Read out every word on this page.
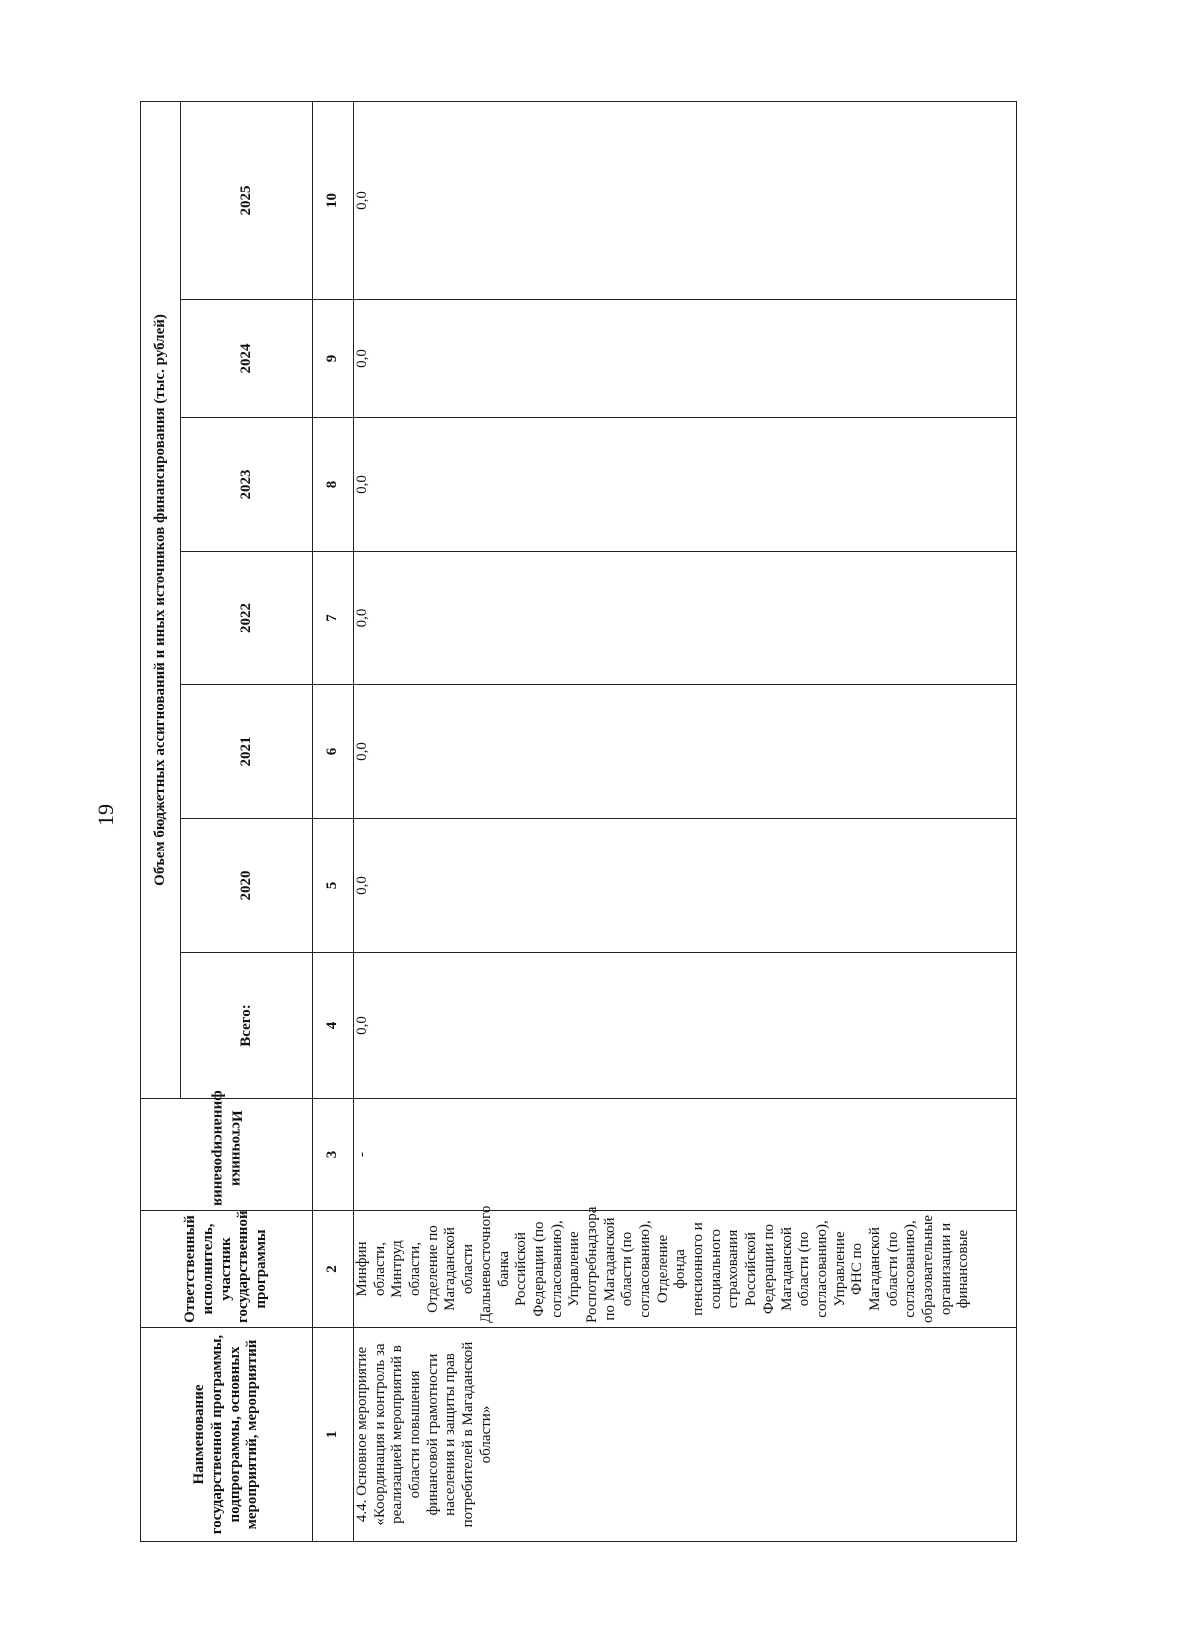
19
Наименование государственной программы, подпрограммы, основных мероприятий, мероприятий	Ответственный исполнитель, участник государственной программы	Источники финансирования	Объем бюджетных ассигнований и иных источников финансирования (тыс. рублей)						
			Всего:	2020	2021	2022	2023	2024	2025
1	2	3	4	5	6	7	8	9	10
4.4. Основное мероприятие «Координация и контроль за реализацией мероприятий в области повышения финансовой грамотности населения и защиты прав потребителей в Магаданской области»	Минфин области, Минтруд области, Отделение по Магаданской области Дальневосточного банка Российской Федерации (по согласованию), Управление Роспотребнадзора по Магаданской области (по согласованию), Отделение фонда пенсионного и социального страхования Российской Федерации по Магаданской области (по согласованию), Управление ФНС по Магаданской области (по согласованию), образовательные организации и финансовые	-	0,0	0,0	0,0	0,0	0,0	0,0	0,0
